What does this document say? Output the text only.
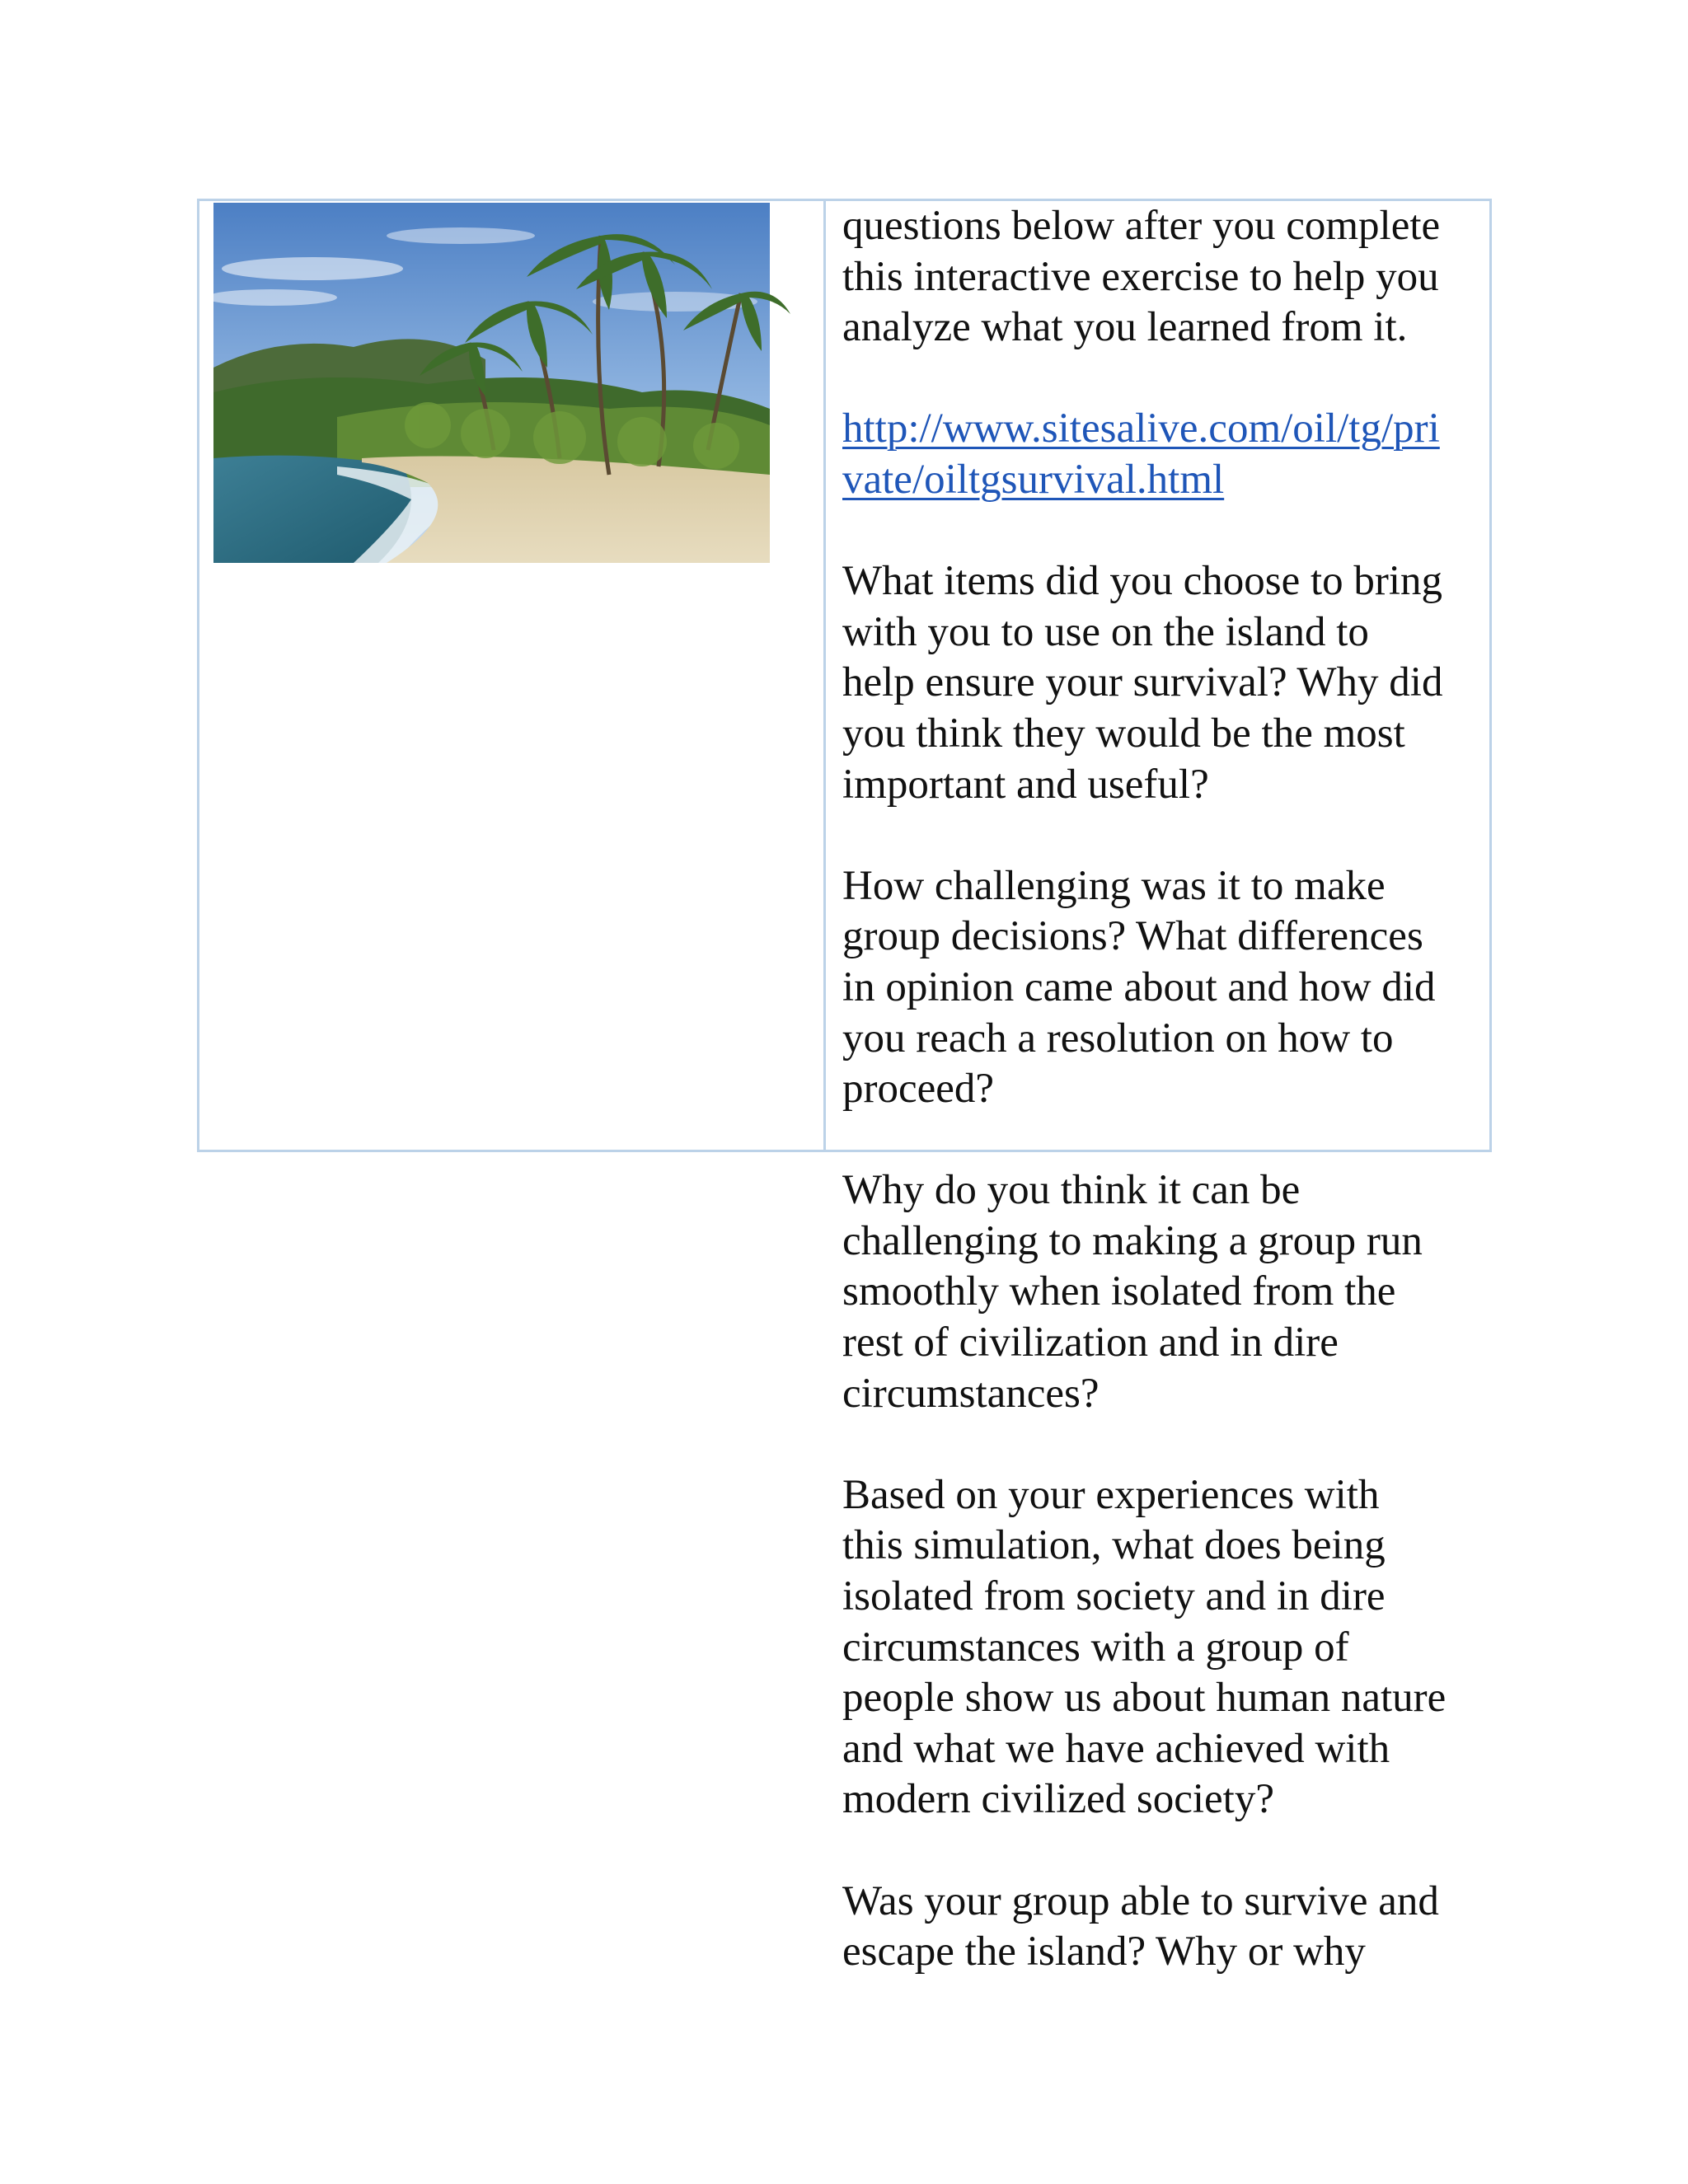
questions below after you complete
this interactive exercise to help you
analyze what you learned from it.

http://www.sitesalive.com/oil/tg/pri
vate/oiltgsurvival.html

What items did you choose to bring
with you to use on the island to
help ensure your survival? Why did
you think they would be the most
important and useful?

How challenging was it to make
group decisions? What differences
in opinion came about and how did
you reach a resolution on how to
proceed?

Why do you think it can be
challenging to making a group run
smoothly when isolated from the
rest of civilization and in dire
circumstances?

Based on your experiences with
this simulation, what does being
isolated from society and in dire
circumstances with a group of
people show us about human nature
and what we have achieved with
modern civilized society?

Was your group able to survive and
escape the island? Why or why
